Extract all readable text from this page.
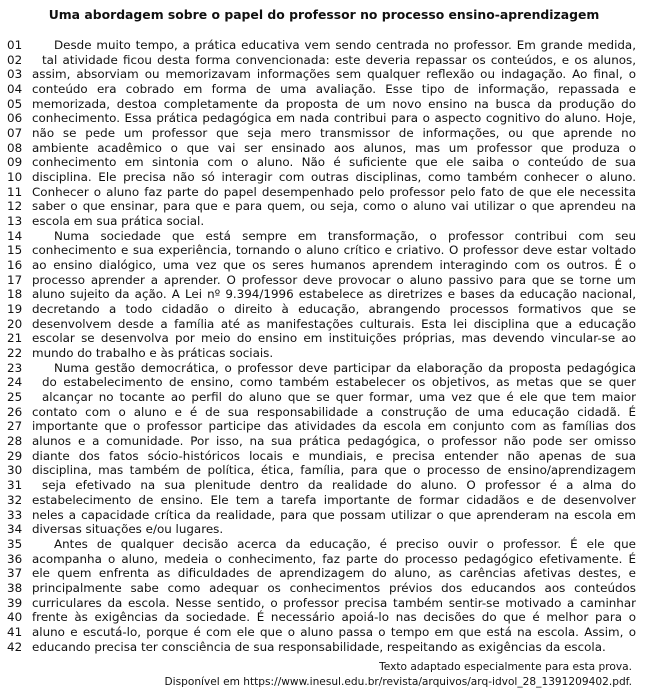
Uma abordagem sobre o papel do professor no processo ensino-aprendizagem
01	Desde muito tempo, a prática educativa vem sendo centrada no professor. Em grande medida,
02	tal atividade ficou desta forma convencionada: este deveria repassar os conteúdos, e os alunos,
03 assim, absorviam ou memorizavam informações sem qualquer reflexão ou indagação. Ao final, o
04 conteúdo era cobrado em forma de uma avaliação. Esse tipo de informação, repassada e
05 memorizada, destoa completamente da proposta de um novo ensino na busca da produção do
06 conhecimento. Essa prática pedagógica em nada contribui para o aspecto cognitivo do aluno. Hoje,
07 não se pede um professor que seja mero transmissor de informações, ou que aprende no
08 ambiente acadêmico o que vai ser ensinado aos alunos, mas um professor que produza o
09 conhecimento em sintonia com o aluno. Não é suficiente que ele saiba o conteúdo de sua
10 disciplina. Ele precisa não só interagir com outras disciplinas, como também conhecer o aluno.
11 Conhecer o aluno faz parte do papel desempenhado pelo professor pelo fato de que ele necessita
12 saber o que ensinar, para que e para quem, ou seja, como o aluno vai utilizar o que aprendeu na
13 escola em sua prática social.
14	Numa sociedade que está sempre em transformação, o professor contribui com seu
15 conhecimento e sua experiência, tornando o aluno crítico e criativo. O professor deve estar voltado
16 ao ensino dialógico, uma vez que os seres humanos aprendem interagindo com os outros. É o
17 processo aprender a aprender. O professor deve provocar o aluno passivo para que se torne um
18 aluno sujeito da ação. A Lei nº 9.394/1996 estabelece as diretrizes e bases da educação nacional,
19 decretando a todo cidadão o direito à educação, abrangendo processos formativos que se
20 desenvolvem desde a família até as manifestações culturais. Esta lei disciplina que a educação
21 escolar se desenvolva por meio do ensino em instituições próprias, mas devendo vincular-se ao
22 mundo do trabalho e às práticas sociais.
23	Numa gestão democrática, o professor deve participar da elaboração da proposta pedagógica
24	do estabelecimento de ensino, como também estabelecer os objetivos, as metas que se quer
25	alcançar no tocante ao perfil do aluno que se quer formar, uma vez que é ele que tem maior
26 contato com o aluno e é de sua responsabilidade a construção de uma educação cidadã. É
27 importante que o professor participe das atividades da escola em conjunto com as famílias dos
28 alunos e a comunidade. Por isso, na sua prática pedagógica, o professor não pode ser omisso
29 diante dos fatos sócio-históricos locais e mundiais, e precisa entender não apenas de sua
30 disciplina, mas também de política, ética, família, para que o processo de ensino/aprendizagem
31	seja efetivado na sua plenitude dentro da realidade do aluno. O professor é a alma do
32 estabelecimento de ensino. Ele tem a tarefa importante de formar cidadãos e de desenvolver
33 neles a capacidade crítica da realidade, para que possam utilizar o que aprenderam na escola em
34 diversas situações e/ou lugares.
35	Antes de qualquer decisão acerca da educação, é preciso ouvir o professor. É ele que
36 acompanha o aluno, medeia o conhecimento, faz parte do processo pedagógico efetivamente. É
37 ele quem enfrenta as dificuldades de aprendizagem do aluno, as carências afetivas destes, e
38 principalmente sabe como adequar os conhecimentos prévios dos educandos aos conteúdos
39 curriculares da escola. Nesse sentido, o professor precisa também sentir-se motivado a caminhar
40 frente às exigências da sociedade. É necessário apoiá-lo nas decisões do que é melhor para o
41 aluno e escutá-lo, porque é com ele que o aluno passa o tempo em que está na escola. Assim, o
42 educando precisa ter consciência de sua responsabilidade, respeitando as exigências da escola.
Texto adaptado especialmente para esta prova.
Disponível em https://www.inesul.edu.br/revista/arquivos/arq-idvol_28_1391209402.pdf.
